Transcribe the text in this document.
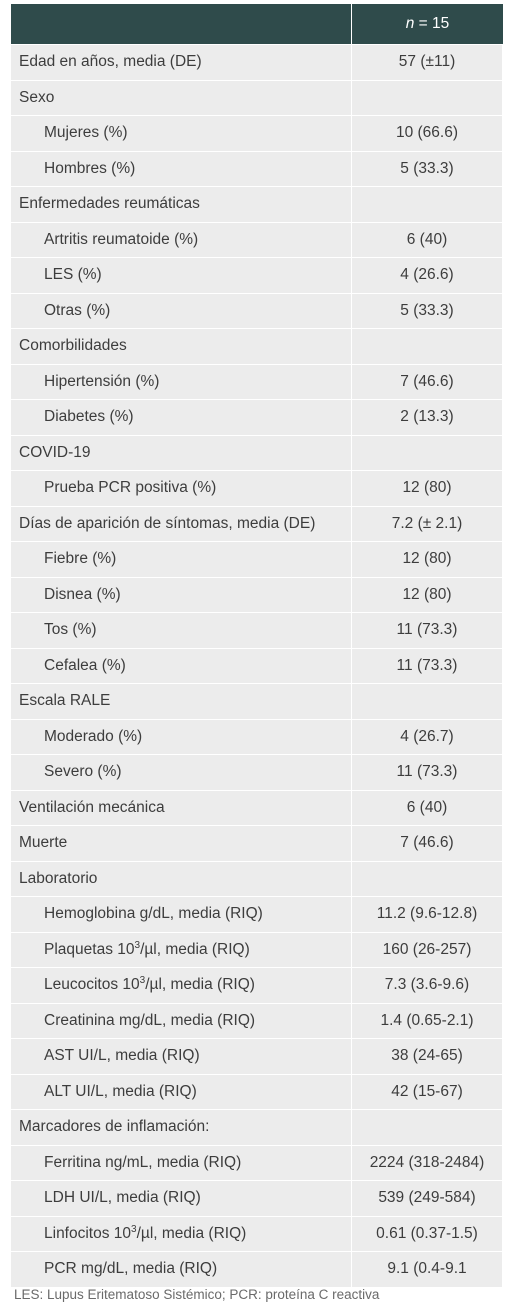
	n = 15
Edad en años, media (DE)	57 (±11)
Sexo	
Mujeres (%)	10 (66.6)
Hombres (%)	5 (33.3)
Enfermedades reumáticas	
Artritis reumatoide (%)	6 (40)
LES (%)	4 (26.6)
Otras (%)	5 (33.3)
Comorbilidades	
Hipertensión (%)	7 (46.6)
Diabetes (%)	2 (13.3)
COVID-19	
Prueba PCR positiva (%)	12 (80)
Días de aparición de síntomas, media (DE)	7.2 (± 2.1)
Fiebre (%)	12 (80)
Disnea (%)	12 (80)
Tos (%)	11 (73.3)
Cefalea (%)	11 (73.3)
Escala RALE	
Moderado (%)	4 (26.7)
Severo (%)	11 (73.3)
Ventilación mecánica	6 (40)
Muerte	7 (46.6)
Laboratorio	
Hemoglobina g/dL, media (RIQ)	11.2 (9.6-12.8)
Plaquetas $10^3/\mu l$, media (RIQ)	160 (26-257)
Leucocitos $10^3/\mu l$, media (RIQ)	7.3 (3.6-9.6)
Creatinina mg/dL, media (RIQ)	1.4 (0.65-2.1)
AST UI/L, media (RIQ)	38 (24-65)
ALT UI/L, media (RIQ)	42 (15-67)
Marcadores de inflamación:	
Ferritina ng/mL, media (RIQ)	2224 (318-2484)
LDH UI/L, media (RIQ)	539 (249-584)
Linfocitos $10^3/\mu l$, media (RIQ)	0.61 (0.37-1.5)
PCR mg/dL, media (RIQ)	9.1 (0.4-9.1
LES: Lupus Eritematoso Sistémico; PCR: proteína C reactiva
